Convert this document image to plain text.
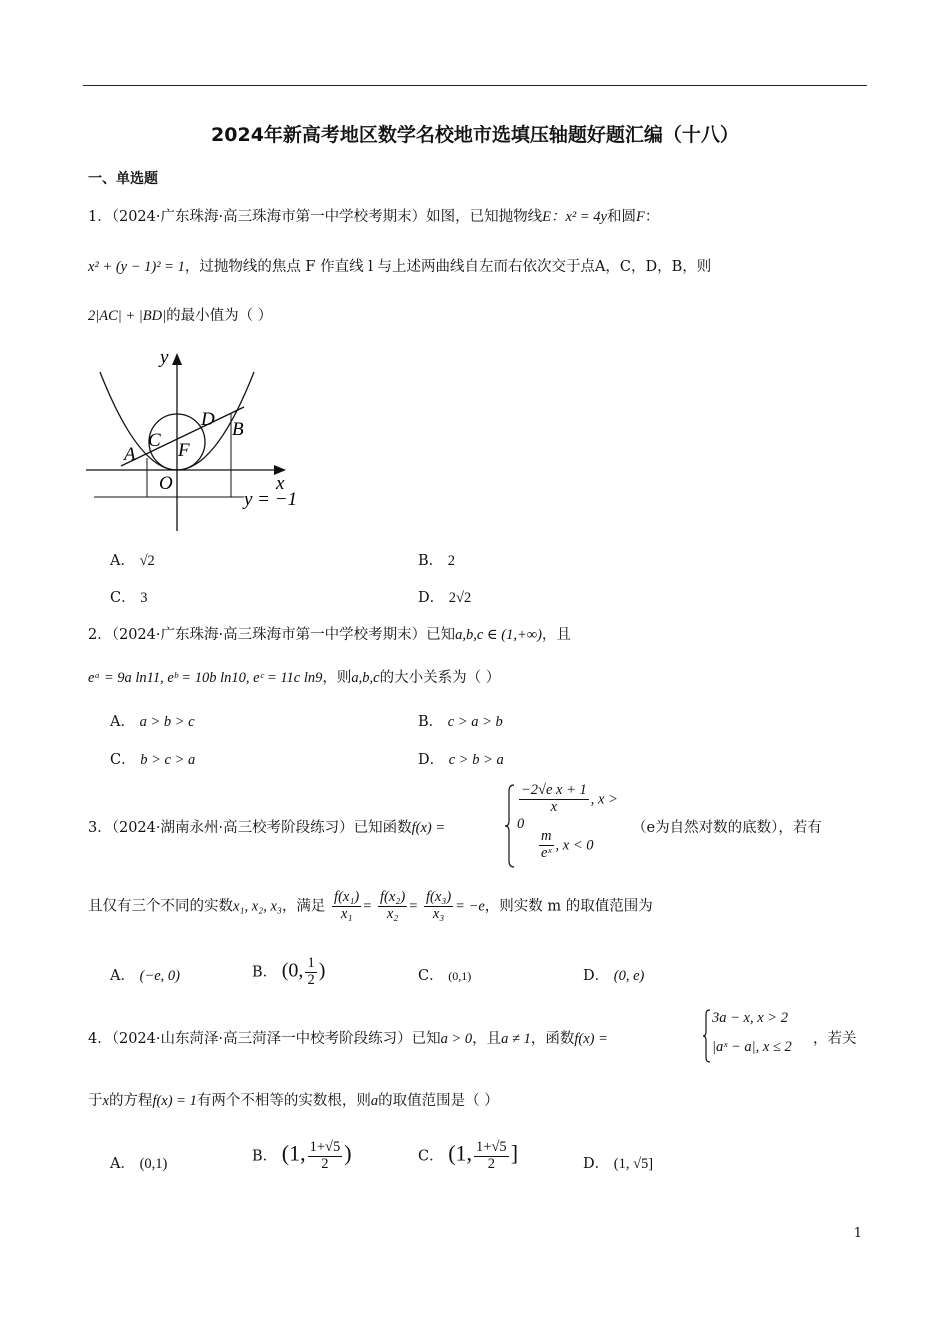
2024年新高考地区数学名校地市选填压轴题好题汇编（十八）
一、单选题
1．（2024·广东珠海·高三珠海市第一中学校考期末）如图，已知抛物线E：x² = 4y和圆F：
x² + (y − 1)² = 1，过抛物线的焦点 F 作直线 l 与上述两曲线自左而右依次交于点A，C，D，B，则
2|AC| + |BD|的最小值为（ ）
y
x
A
B
C
D
F
O
y = −1
A． √2	B． 2
C． 3	D． 2√2
2．（2024·广东珠海·高三珠海市第一中学校考期末）已知a,b,c ∈ (1,+∞)，且
eᵃ = 9a ln11, eᵇ = 10b ln10, eᶜ = 11c ln9，则a,b,c的大小关系为（ ）
A． a > b > c	B． c > a > b
C． b > c > a	D． c > b > a
3．（2024·湖南永州·高三校考阶段练习）已知函数f(x) =
$\frac{\text{−2√e x + 1}}{x}$ , x > 0
$\frac{m}{\text{eˣ}}$ , x < 0
（e为自然对数的底数），若有
且仅有三个不同的实数x₁, x₂, x₃，满足 $\frac{\text{f(x₁)}}{\text{x₁}} = \frac{\text{f(x₂)}}{\text{x₂}} = \frac{\text{f(x₃)}}{\text{x₃}} = -e$，则实数 m 的取值范围为
A． (−e, 0)	B． (0, $\frac{1}{2}$ )	C． (0,1)	D． (0, e)
4．（2024·山东菏泽·高三菏泽一中校考阶段练习）已知a > 0，且a ≠ 1，函数f(x) =
3a − x, x > 2
|aˣ − a|, x ≤ 2 ，若关
于x的方程f(x) = 1有两个不相等的实数根，则a的取值范围是（ ）
A． (0,1)	B． (1, $\frac{1+√5}{2}$ )	C． (1, $\frac{1+√5}{2}$ ]	D． (1, √5]
1
